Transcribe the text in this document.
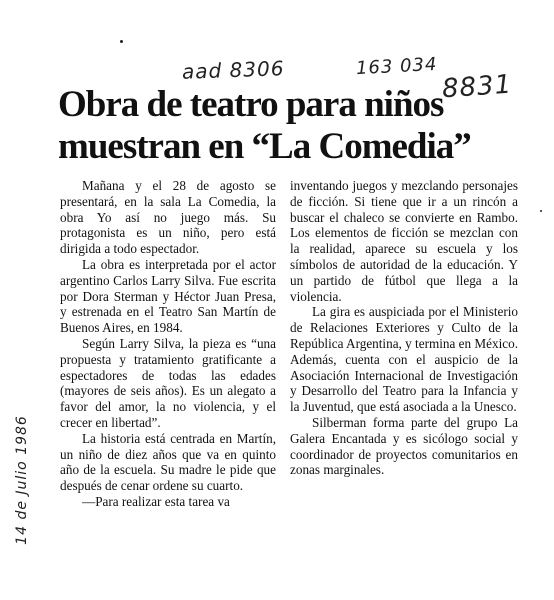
aad 8306	163 034
8831
14 de Julio 1986
Obra de teatro para niños
muestran en “La Comedia”

Mañana y el 28 de agosto se presentará, en la sala La Comedia, la obra Yo así no juego más. Su protagonista es un niño, pero está dirigida a todo espectador.

La obra es interpretada por el actor argentino Carlos Larry Silva. Fue escrita por Dora Sterman y Héctor Juan Presa, y estrenada en el Teatro San Martín de Buenos Aires, en 1984.

Según Larry Silva, la pieza es “una propuesta y tratamiento gratificante a espectadores de todas las edades (mayores de seis años). Es un alegato a favor del amor, la no violencia, y el crecer en libertad”.

La historia está centrada en Martín, un niño de diez años que va en quinto año de la escuela. Su madre le pide que después de cenar ordene su cuarto.

—Para realizar esta tarea va

inventando juegos y mezclando personajes de ficción. Si tiene que ir a un rincón a buscar el chaleco se convierte en Rambo. Los elementos de ficción se mezclan con la realidad, aparece su escuela y los símbolos de autoridad de la educación. Y un partido de fútbol que llega a la violencia.

La gira es auspiciada por el Ministerio de Relaciones Exteriores y Culto de la República Argentina, y termina en México. Además, cuenta con el auspicio de la Asociación Internacional de Investigación y Desarrollo del Teatro para la Infancia y la Juventud, que está asociada a la Unesco.

Silberman forma parte del grupo La Galera Encantada y es sicólogo social y coordinador de proyectos comunitarios en zonas marginales.
